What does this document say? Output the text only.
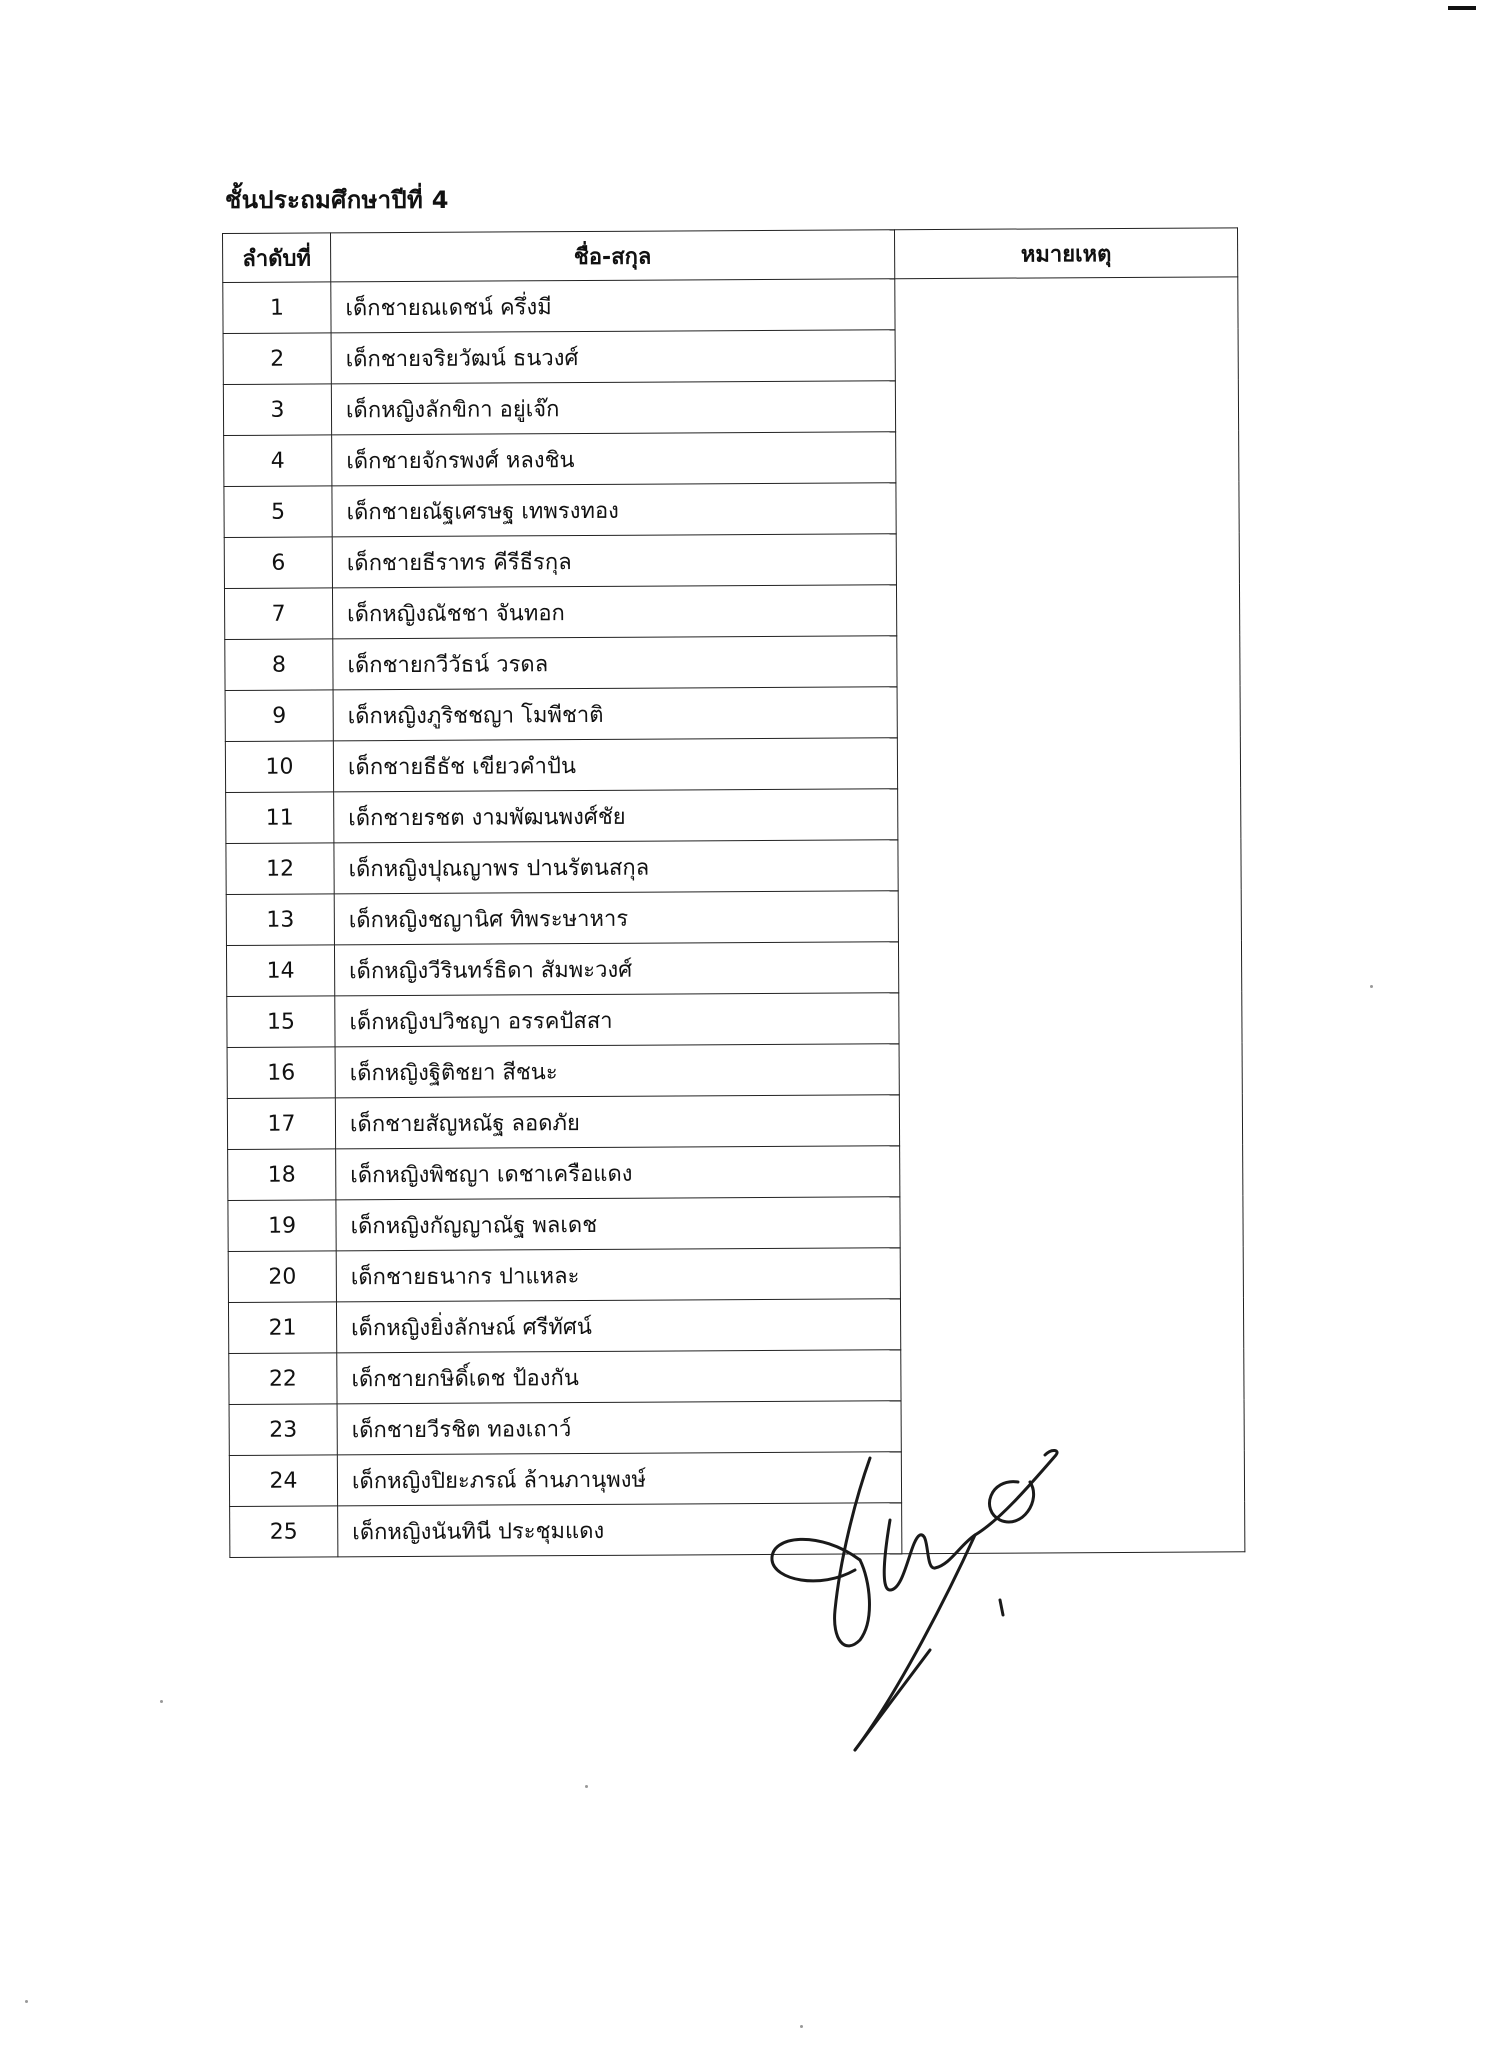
ชั้นประถมศึกษาปีที่ 4
ลำดับที่	ชื่อ-สกุล	หมายเหตุ
1	เด็กชายณเดชน์ ครึ่งมี	
2	เด็กชายจริยวัฒน์ ธนวงศ์	
3	เด็กหญิงลักขิกา อยู่เจ๊ก	
4	เด็กชายจักรพงศ์ หลงชิน	
5	เด็กชายณัฐเศรษฐ เทพรงทอง	
6	เด็กชายธีราทร คีรีธีรกุล	
7	เด็กหญิงณัชชา จันทอก	
8	เด็กชายกวีวัธน์ วรดล	
9	เด็กหญิงภูริชชญา โมพีชาติ	
10	เด็กชายธีธัช เขียวคำปัน	
11	เด็กชายรชต งามพัฒนพงศ์ชัย	
12	เด็กหญิงปุณญาพร ปานรัตนสกุล	
13	เด็กหญิงชญานิศ ทิพระษาหาร	
14	เด็กหญิงวีรินทร์ธิดา สัมพะวงศ์	
15	เด็กหญิงปวิชญา อรรคปัสสา	
16	เด็กหญิงฐิติชยา สีชนะ	
17	เด็กชายสัญหณัฐ ลอดภัย	
18	เด็กหญิงพิชญา เดชาเครือแดง	
19	เด็กหญิงกัญญาณัฐ พลเดช	
20	เด็กชายธนากร ปาแหละ	
21	เด็กหญิงยิ่งลักษณ์ ศรีทัศน์	
22	เด็กชายกษิดิ์เดช ป้องกัน	
23	เด็กชายวีรชิต ทองเถาว์	
24	เด็กหญิงปิยะภรณ์ ล้านภานุพงษ์	
25	เด็กหญิงนันทินี ประชุมแดง	
